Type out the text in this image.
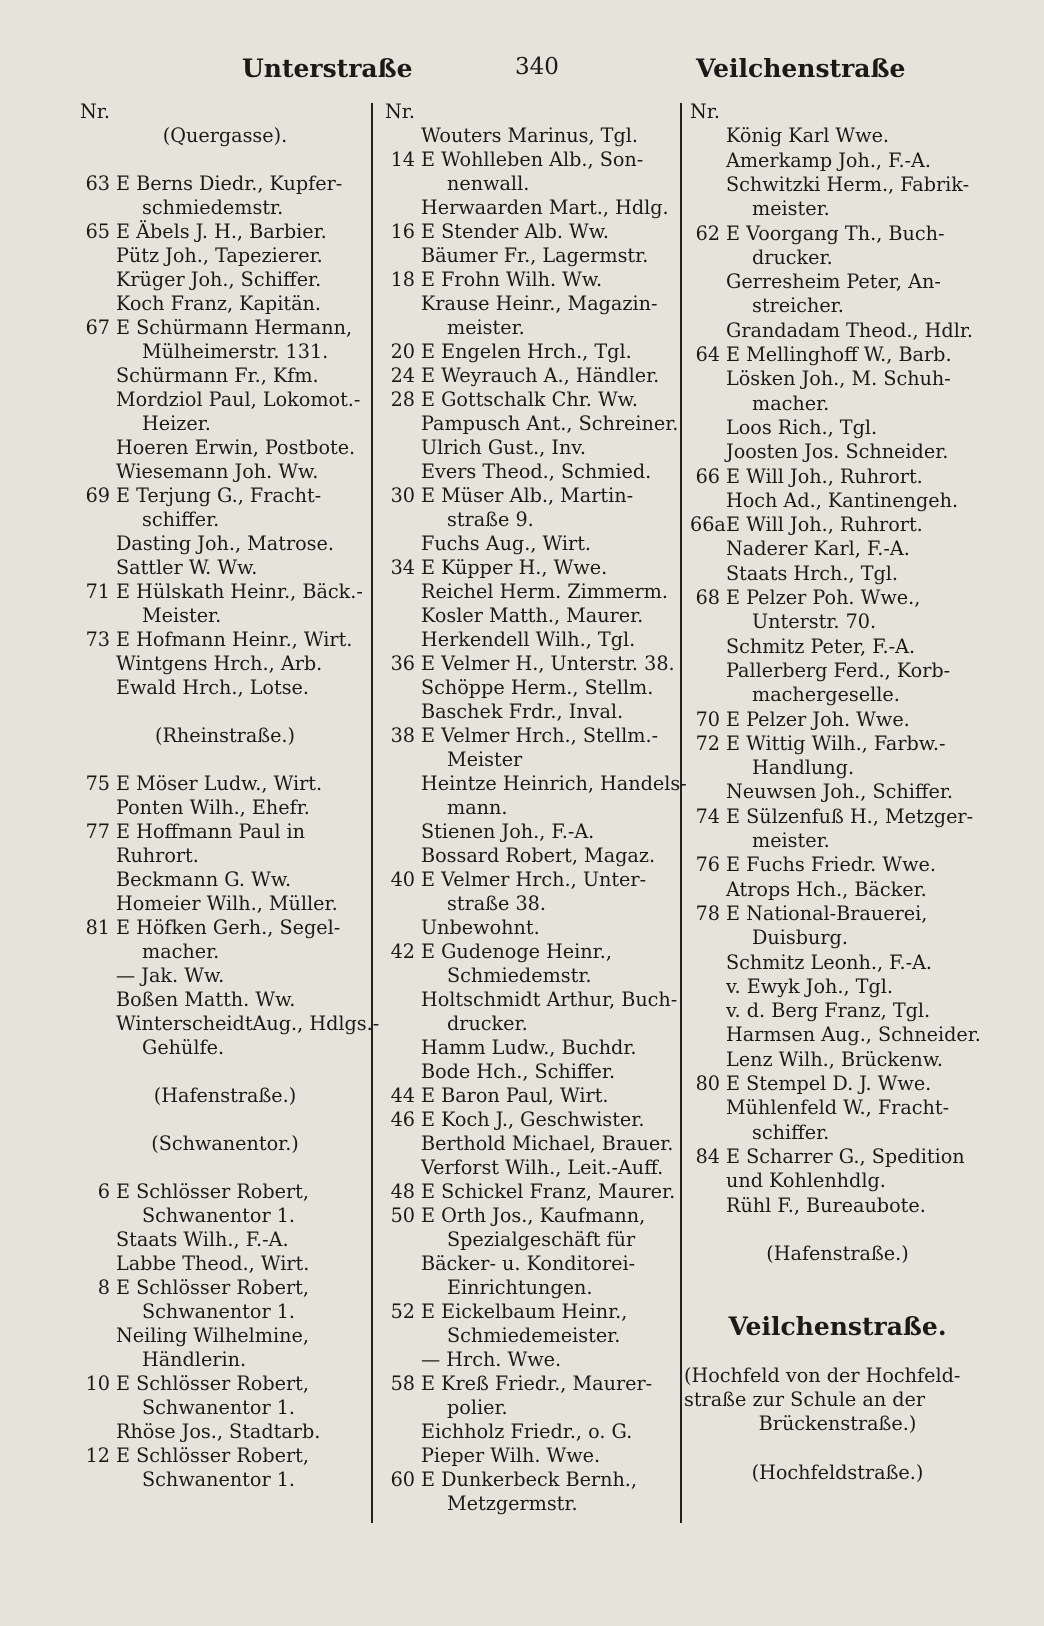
Unterstraße	340	Veilchenstraße
Nr.
(Quergasse).
63 E Berns Diedr., Kupfer-
schmiedemstr.
65 E Äbels J. H., Barbier.
Pütz Joh., Tapezierer.
Krüger Joh., Schiffer.
Koch Franz, Kapitän.
67 E Schürmann Hermann,
Mülheimerstr. 131.
Schürmann Fr., Kfm.
Mordziol Paul, Lokomot.-
Heizer.
Hoeren Erwin, Postbote.
Wiesemann Joh. Ww.
69 E Terjung G., Fracht-
schiffer.
Dasting Joh., Matrose.
Sattler W. Ww.
71 E Hülskath Heinr., Bäck.-
Meister.
73 E Hofmann Heinr., Wirt.
Wintgens Hrch., Arb.
Ewald Hrch., Lotse.
(Rheinstraße.)
75 E Möser Ludw., Wirt.
Ponten Wilh., Ehefr.
77 E Hoffmann Paul in
Ruhrort.
Beckmann G. Ww.
Homeier Wilh., Müller.
81 E Höfken Gerh., Segel-
macher.
— Jak. Ww.
Boßen Matth. Ww.
WinterscheidtAug., Hdlgs.-
Gehülfe.
(Hafenstraße.)
(Schwanentor.)
6 E Schlösser Robert,
Schwanentor 1.
Staats Wilh., F.-A.
Labbe Theod., Wirt.
8 E Schlösser Robert,
Schwanentor 1.
Neiling Wilhelmine,
Händlerin.
10 E Schlösser Robert,
Schwanentor 1.
Rhöse Jos., Stadtarb.
12 E Schlösser Robert,
Schwanentor 1.
Nr.
Wouters Marinus, Tgl.
14 E Wohlleben Alb., Son-
nenwall.
Herwaarden Mart., Hdlg.
16 E Stender Alb. Ww.
Bäumer Fr., Lagermstr.
18 E Frohn Wilh. Ww.
Krause Heinr., Magazin-
meister.
20 E Engelen Hrch., Tgl.
24 E Weyrauch A., Händler.
28 E Gottschalk Chr. Ww.
Pampusch Ant., Schreiner.
Ulrich Gust., Inv.
Evers Theod., Schmied.
30 E Müser Alb., Martin-
straße 9.
Fuchs Aug., Wirt.
34 E Küpper H., Wwe.
Reichel Herm. Zimmerm.
Kosler Matth., Maurer.
Herkendell Wilh., Tgl.
36 E Velmer H., Unterstr. 38.
Schöppe Herm., Stellm.
Baschek Frdr., Inval.
38 E Velmer Hrch., Stellm.-
Meister
Heintze Heinrich, Handels-
mann.
Stienen Joh., F.-A.
Bossard Robert, Magaz.
40 E Velmer Hrch., Unter-
straße 38.
Unbewohnt.
42 E Gudenoge Heinr.,
Schmiedemstr.
Holtschmidt Arthur, Buch-
drucker.
Hamm Ludw., Buchdr.
Bode Hch., Schiffer.
44 E Baron Paul, Wirt.
46 E Koch J., Geschwister.
Berthold Michael, Brauer.
Verforst Wilh., Leit.-Auff.
48 E Schickel Franz, Maurer.
50 E Orth Jos., Kaufmann,
Spezialgeschäft für
Bäcker- u. Konditorei-
Einrichtungen.
52 E Eickelbaum Heinr.,
Schmiedemeister.
— Hrch. Wwe.
58 E Kreß Friedr., Maurer-
polier.
Eichholz Friedr., o. G.
Pieper Wilh. Wwe.
60 E Dunkerbeck Bernh.,
Metzgermstr.
Nr.
König Karl Wwe.
Amerkamp Joh., F.-A.
Schwitzki Herm., Fabrik-
meister.
62 E Voorgang Th., Buch-
drucker.
Gerresheim Peter, An-
streicher.
Grandadam Theod., Hdlr.
64 E Mellinghoff W., Barb.
Lösken Joh., M. Schuh-
macher.
Loos Rich., Tgl.
Joosten Jos. Schneider.
66 E Will Joh., Ruhrort.
Hoch Ad., Kantinengeh.
66a E Will Joh., Ruhrort.
Naderer Karl, F.-A.
Staats Hrch., Tgl.
68 E Pelzer Poh. Wwe.,
Unterstr. 70.
Schmitz Peter, F.-A.
Pallerberg Ferd., Korb-
machergeselle.
70 E Pelzer Joh. Wwe.
72 E Wittig Wilh., Farbw.-
Handlung.
Neuwsen Joh., Schiffer.
74 E Sülzenfuß H., Metzger-
meister.
76 E Fuchs Friedr. Wwe.
Atrops Hch., Bäcker.
78 E National-Brauerei,
Duisburg.
Schmitz Leonh., F.-A.
v. Ewyk Joh., Tgl.
v. d. Berg Franz, Tgl.
Harmsen Aug., Schneider.
Lenz Wilh., Brückenw.
80 E Stempel D. J. Wwe.
Mühlenfeld W., Fracht-
schiffer.
84 E Scharrer G., Spedition
und Kohlenhdlg.
Rühl F., Bureaubote.
(Hafenstraße.)
Veilchenstraße.
(Hochfeld von der Hochfeld-
straße zur Schule an der
Brückenstraße.)
(Hochfeldstraße.)
